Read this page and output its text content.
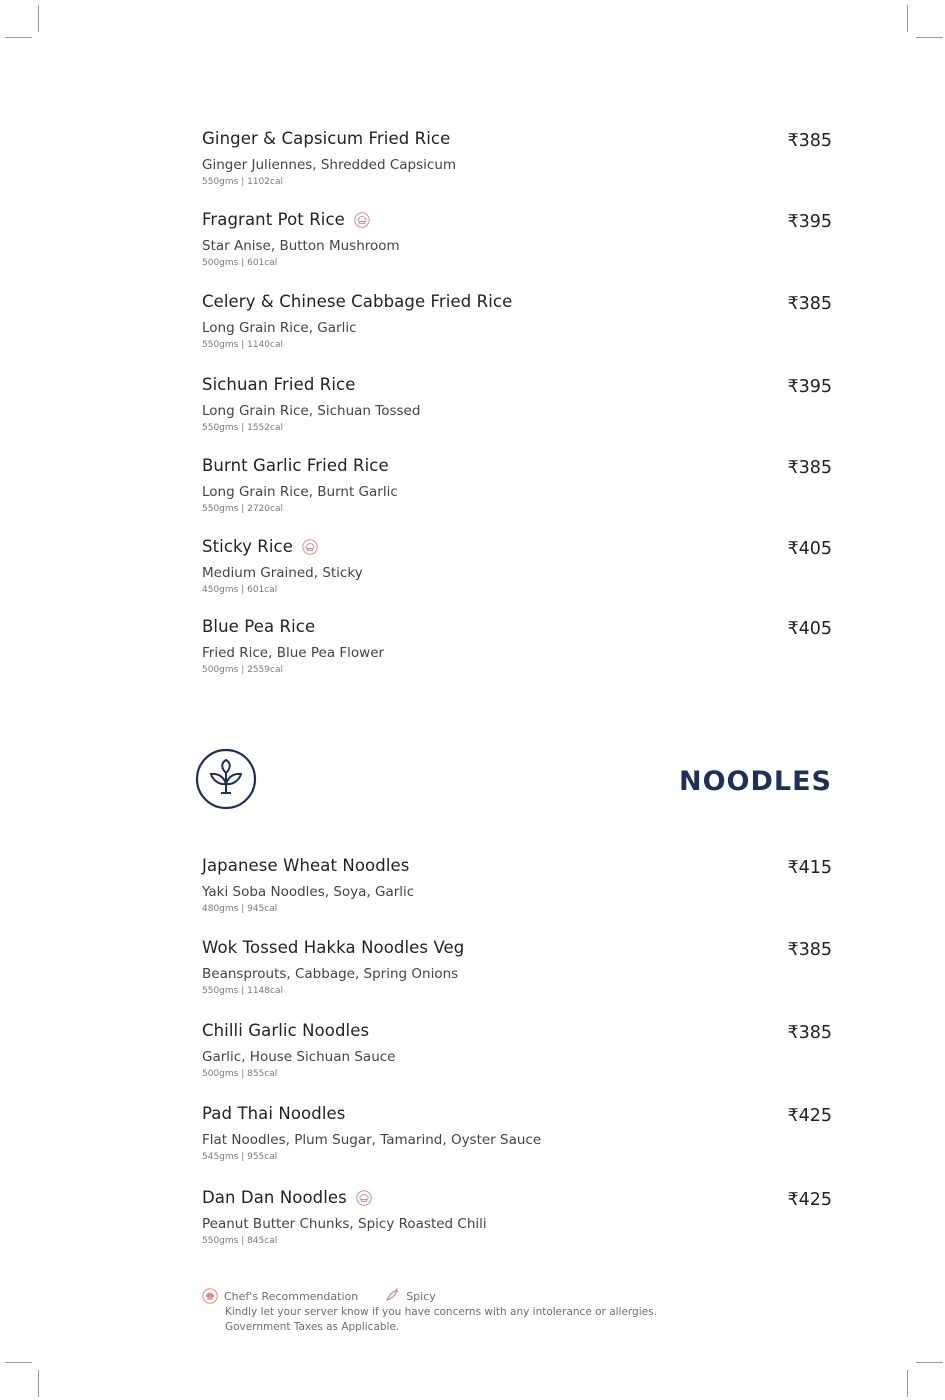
Ginger & Capsicum Fried Rice
Ginger Juliennes, Shredded Capsicum
550gms | 1102cal
₹385
Fragrant Pot Rice
Star Anise, Button Mushroom
500gms | 601cal
₹395
Celery & Chinese Cabbage Fried Rice
Long Grain Rice, Garlic
550gms | 1140cal
₹385
Sichuan Fried Rice
Long Grain Rice, Sichuan Tossed
550gms | 1552cal
₹395
Burnt Garlic Fried Rice
Long Grain Rice, Burnt Garlic
550gms | 2720cal
₹385
Sticky Rice
Medium Grained, Sticky
450gms | 601cal
₹405
Blue Pea Rice
Fried Rice, Blue Pea Flower
500gms | 2559cal
₹405
NOODLES
Japanese Wheat Noodles
Yaki Soba Noodles, Soya, Garlic
480gms | 945cal
₹415
Wok Tossed Hakka Noodles Veg
Beansprouts, Cabbage, Spring Onions
550gms | 1148cal
₹385
Chilli Garlic Noodles
Garlic, House Sichuan Sauce
500gms | 855cal
₹385
Pad Thai Noodles
Flat Noodles, Plum Sugar, Tamarind, Oyster Sauce
545gms | 955cal
₹425
Dan Dan Noodles
Peanut Butter Chunks, Spicy Roasted Chili
550gms | 845cal
₹425
Chef's Recommendation	Spicy
Kindly let your server know if you have concerns with any intolerance or allergies.
Government Taxes as Applicable.
